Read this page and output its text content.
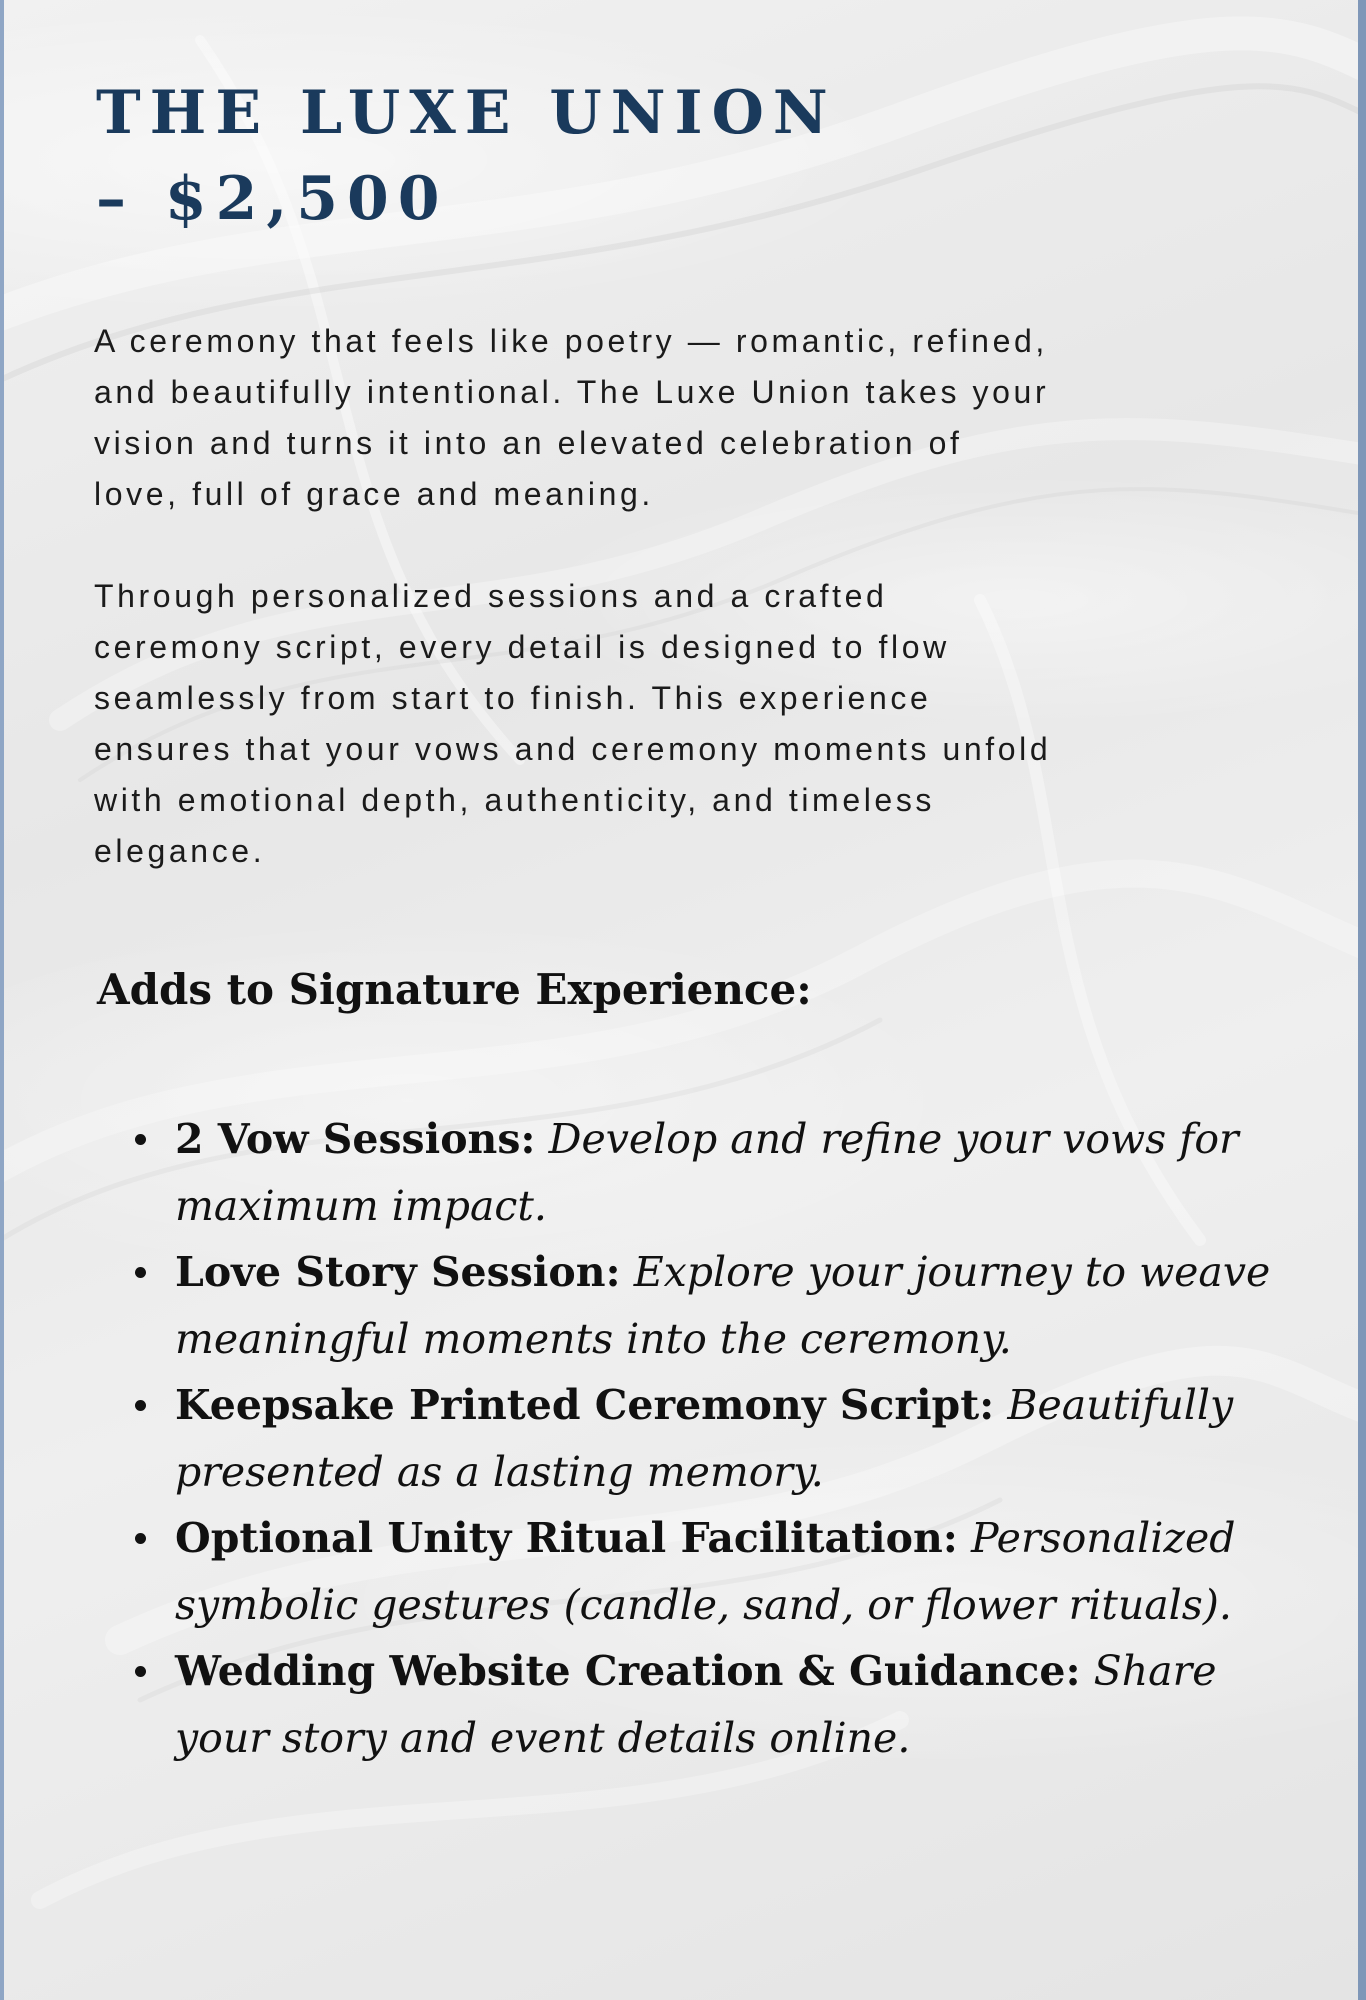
THE LUXE UNION
– $2,500

A ceremony that feels like poetry — romantic, refined,
and beautifully intentional. The Luxe Union takes your
vision and turns it into an elevated celebration of
love, full of grace and meaning.

Through personalized sessions and a crafted
ceremony script, every detail is designed to flow
seamlessly from start to finish. This experience
ensures that your vows and ceremony moments unfold
with emotional depth, authenticity, and timeless
elegance.

Adds to Signature Experience:
2 Vow Sessions: Develop and refine your vows for maximum impact.
Love Story Session: Explore your journey to weave meaningful moments into the ceremony.
Keepsake Printed Ceremony Script: Beautifully presented as a lasting memory.
Optional Unity Ritual Facilitation: Personalized symbolic gestures (candle, sand, or flower rituals).
Wedding Website Creation & Guidance: Share your story and event details online.
